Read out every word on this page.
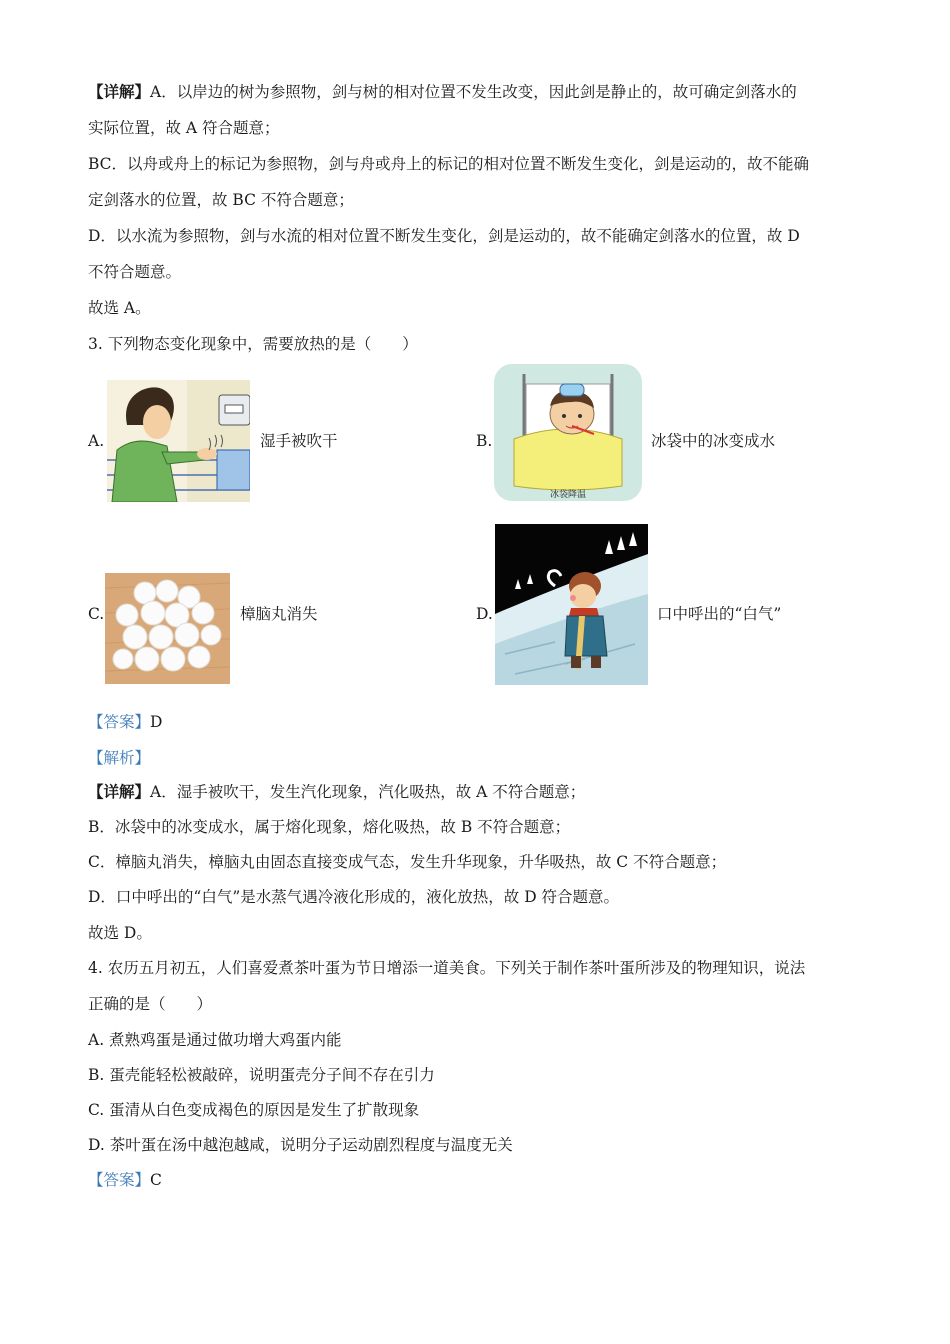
【详解】A．以岸边的树为参照物，剑与树的相对位置不发生改变，因此剑是静止的，故可确定剑落水的
实际位置，故 A 符合题意；
BC．以舟或舟上的标记为参照物，剑与舟或舟上的标记的相对位置不断发生变化，剑是运动的，故不能确
定剑落水的位置，故 BC 不符合题意；
D．以水流为参照物，剑与水流的相对位置不断发生变化，剑是运动的，故不能确定剑落水的位置，故 D
不符合题意。
故选 A。
3. 下列物态变化现象中，需要放热的是（　　）
A.	湿手被吹干	B.
冰袋降温
冰袋中的冰变成水
C.	樟脑丸消失	D.	口中呼出的“白气”
【答案】D
【解析】
【详解】A．湿手被吹干，发生汽化现象，汽化吸热，故 A 不符合题意；
B．冰袋中的冰变成水，属于熔化现象，熔化吸热，故 B 不符合题意；
C．樟脑丸消失，樟脑丸由固态直接变成气态，发生升华现象，升华吸热，故 C 不符合题意；
D．口中呼出的“白气”是水蒸气遇冷液化形成的，液化放热，故 D 符合题意。
故选 D。
4. 农历五月初五，人们喜爱煮茶叶蛋为节日增添一道美食。下列关于制作茶叶蛋所涉及的物理知识，说法
正确的是（　　）
A. 煮熟鸡蛋是通过做功增大鸡蛋内能
B. 蛋壳能轻松被敲碎，说明蛋壳分子间不存在引力
C. 蛋清从白色变成褐色的原因是发生了扩散现象
D. 茶叶蛋在汤中越泡越咸，说明分子运动剧烈程度与温度无关
【答案】C
